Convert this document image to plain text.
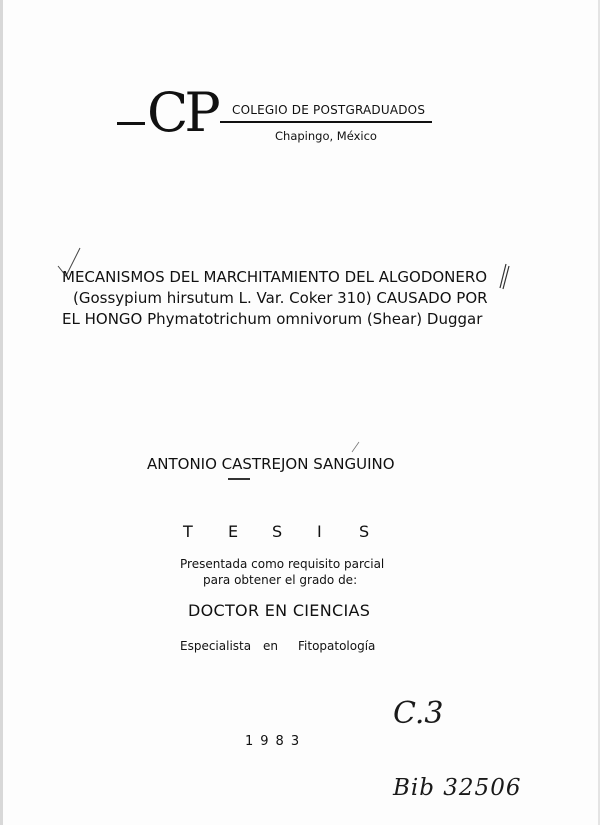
CP COLEGIO DE POSTGRADUADOS
Chapingo, México
MECANISMOS DEL MARCHITAMIENTO DEL ALGODONERO
(Gossypium hirsutum L. Var. Coker 310) CAUSADO POR
EL HONGO Phymatotrichum omnivorum (Shear) Duggar
ANTONIO CASTREJON SANGUINO
T E S I S
Presentada como requisito parcial
para obtener el grado de:
DOCTOR EN CIENCIAS
Especialista en Fitopatología
1983
C.3
Bib 32506
